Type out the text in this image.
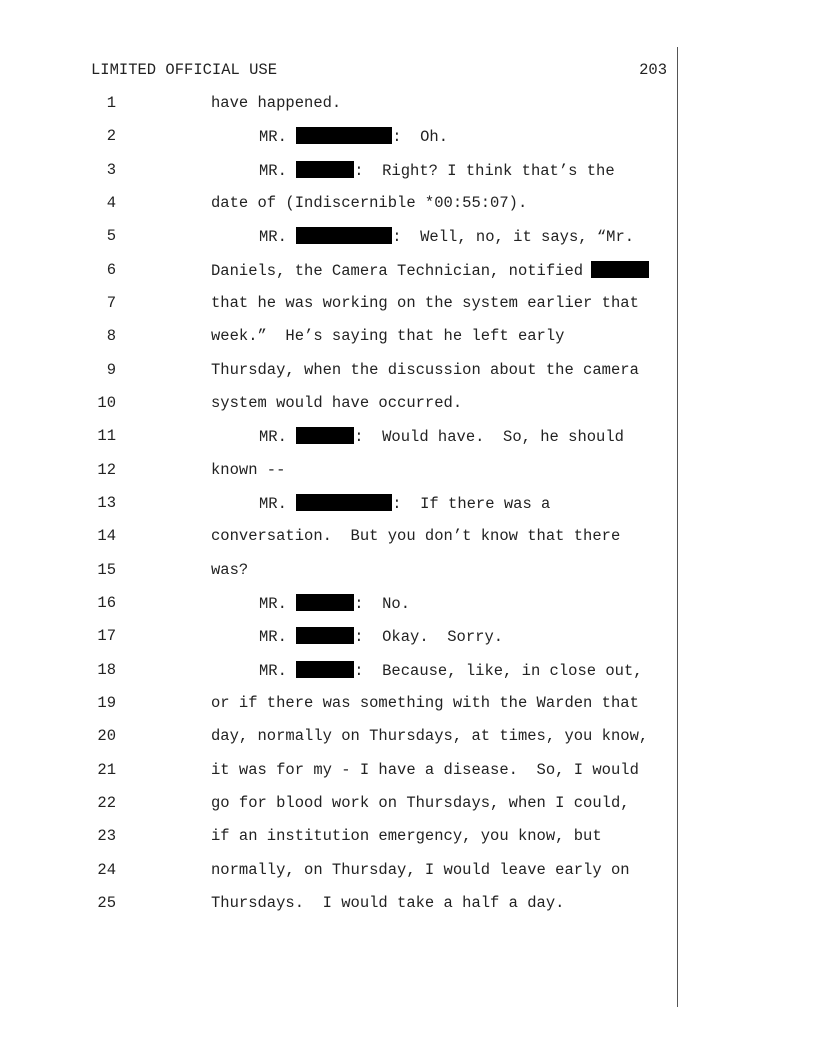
LIMITED OFFICIAL USE	203
1	have happened.
2	MR.	:  Oh.
3	MR.	:  Right? I think that’s the
4	date of (Indiscernible *00:55:07).
5	MR.	:  Well, no, it says, “Mr.
6	Daniels, the Camera Technician, notified
7	that he was working on the system earlier that
8	week.”  He’s saying that he left early
9	Thursday, when the discussion about the camera
10	system would have occurred.
11	MR.	:  Would have.  So, he should
12	known --
13	MR.	:  If there was a
14	conversation.  But you don’t know that there
15	was?
16	MR.	:  No.
17	MR.	:  Okay.  Sorry.
18	MR.	:  Because, like, in close out,
19	or if there was something with the Warden that
20	day, normally on Thursdays, at times, you know,
21	it was for my - I have a disease.  So, I would
22	go for blood work on Thursdays, when I could,
23	if an institution emergency, you know, but
24	normally, on Thursday, I would leave early on
25	Thursdays.  I would take a half a day.
